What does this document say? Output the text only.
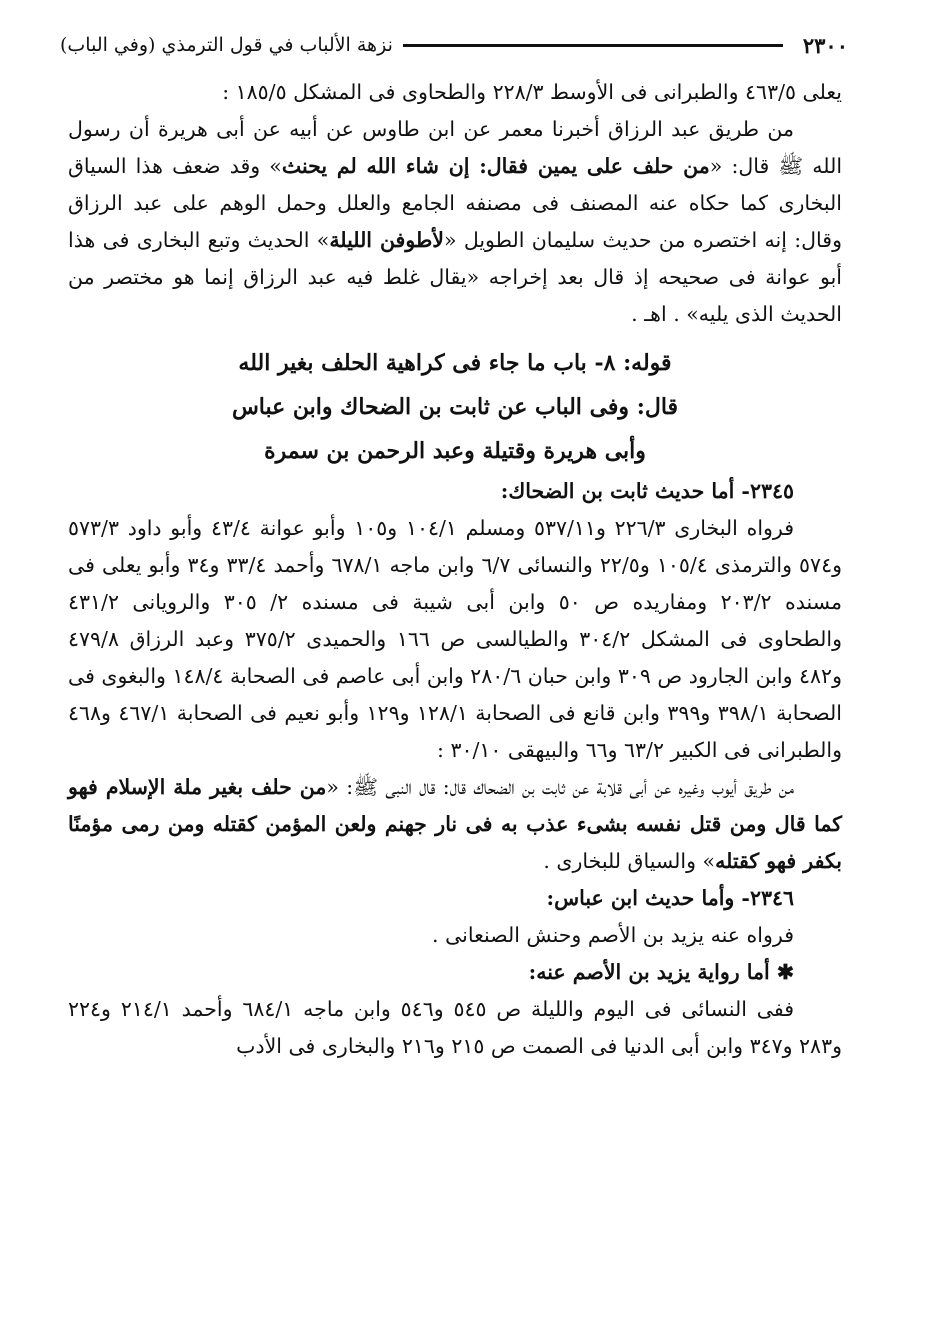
٢٣٠٠
نزهة الألباب في قول الترمذي (وفي الباب)

يعلى ٤٦٣/٥ والطبرانى فى الأوسط ٢٢٨/٣ والطحاوى فى المشكل ١٨٥/٥ :

من طريق عبد الرزاق أخبرنا معمر عن ابن طاوس عن أبيه عن أبى هريرة أن رسول الله ﷺ قال: «من حلف على يمين فقال: إن شاء الله لم يحنث» وقد ضعف هذا السياق البخارى كما حكاه عنه المصنف فى مصنفه الجامع والعلل وحمل الوهم على عبد الرزاق وقال: إنه اختصره من حديث سليمان الطويل «لأطوفن الليلة» الحديث وتبع البخارى فى هذا أبو عوانة فى صحيحه إذ قال بعد إخراجه «يقال غلط فيه عبد الرزاق إنما هو مختصر من الحديث الذى يليه» . اهـ .

قوله: ٨- باب ما جاء فى كراهية الحلف بغير الله

قال: وفى الباب عن ثابت بن الضحاك وابن عباس

وأبى هريرة وقتيلة وعبد الرحمن بن سمرة

٢٣٤٥- أما حديث ثابت بن الضحاك:

فرواه البخارى ٢٢٦/٣ و٥٣٧/١١ ومسلم ١٠٤/١ و١٠٥ وأبو عوانة ٤٣/٤ وأبو داود ٥٧٣/٣ و٥٧٤ والترمذى ١٠٥/٤ و٢٢/٥ والنسائى ٦/٧ وابن ماجه ٦٧٨/١ وأحمد ٣٣/٤ و٣٤ وأبو يعلى فى مسنده ٢٠٣/٢ ومفاريده ص ٥٠ وابن أبى شيبة فى مسنده ٢/ ٣٠٥ والرويانى ٤٣١/٢ والطحاوى فى المشكل ٣٠٤/٢ والطيالسى ص ١٦٦ والحميدى ٣٧٥/٢ وعبد الرزاق ٤٧٩/٨ و٤٨٢ وابن الجارود ص ٣٠٩ وابن حبان ٢٨٠/٦ وابن أبى عاصم فى الصحابة ١٤٨/٤ والبغوى فى الصحابة ٣٩٨/١ و٣٩٩ وابن قانع فى الصحابة ١٢٨/١ و١٢٩ وأبو نعيم فى الصحابة ٤٦٧/١ و٤٦٨ والطبرانى فى الكبير ٦٣/٢ و٦٦ والبيهقى ٣٠/١٠ :

من طريق أيوب وغيره عن أبى قلابة عن ثابت بن الضحاك قال: قال النبى ﷺ: «من حلف بغير ملة الإسلام فهو كما قال ومن قتل نفسه بشىء عذب به فى نار جهنم ولعن المؤمن كقتله ومن رمى مؤمنًا بكفر فهو كقتله» والسياق للبخارى .

٢٣٤٦- وأما حديث ابن عباس:

فرواه عنه يزيد بن الأصم وحنش الصنعانى .

✱ أما رواية يزيد بن الأصم عنه:

ففى النسائى فى اليوم والليلة ص ٥٤٥ و٥٤٦ وابن ماجه ٦٨٤/١ وأحمد ٢١٤/١ و٢٢٤ و٢٨٣ و٣٤٧ وابن أبى الدنيا فى الصمت ص ٢١٥ و٢١٦ والبخارى فى الأدب
